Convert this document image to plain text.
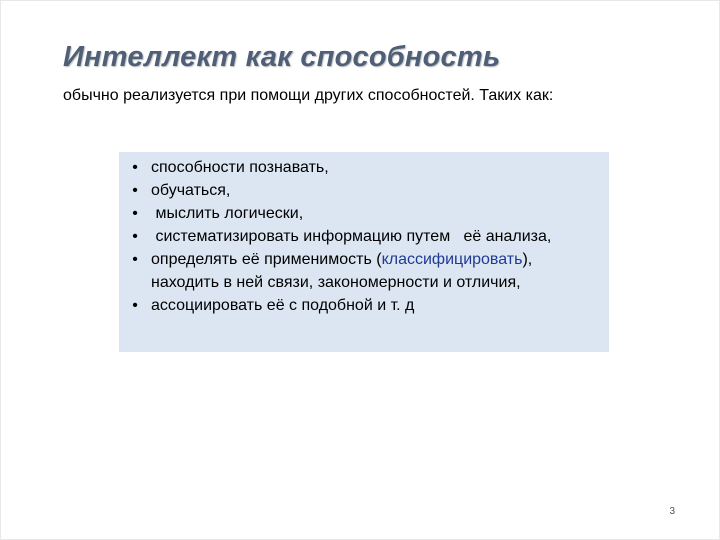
Интеллект как способность

обычно реализуется при помощи других способностей. Таких как:

• способности познавать,
• обучаться,
• мыслить логически,
• систематизировать информацию путем   её анализа,
• определять её применимость (классифицировать), находить в ней связи, закономерности и отличия,
• ассоциировать её с подобной и т. д
3
